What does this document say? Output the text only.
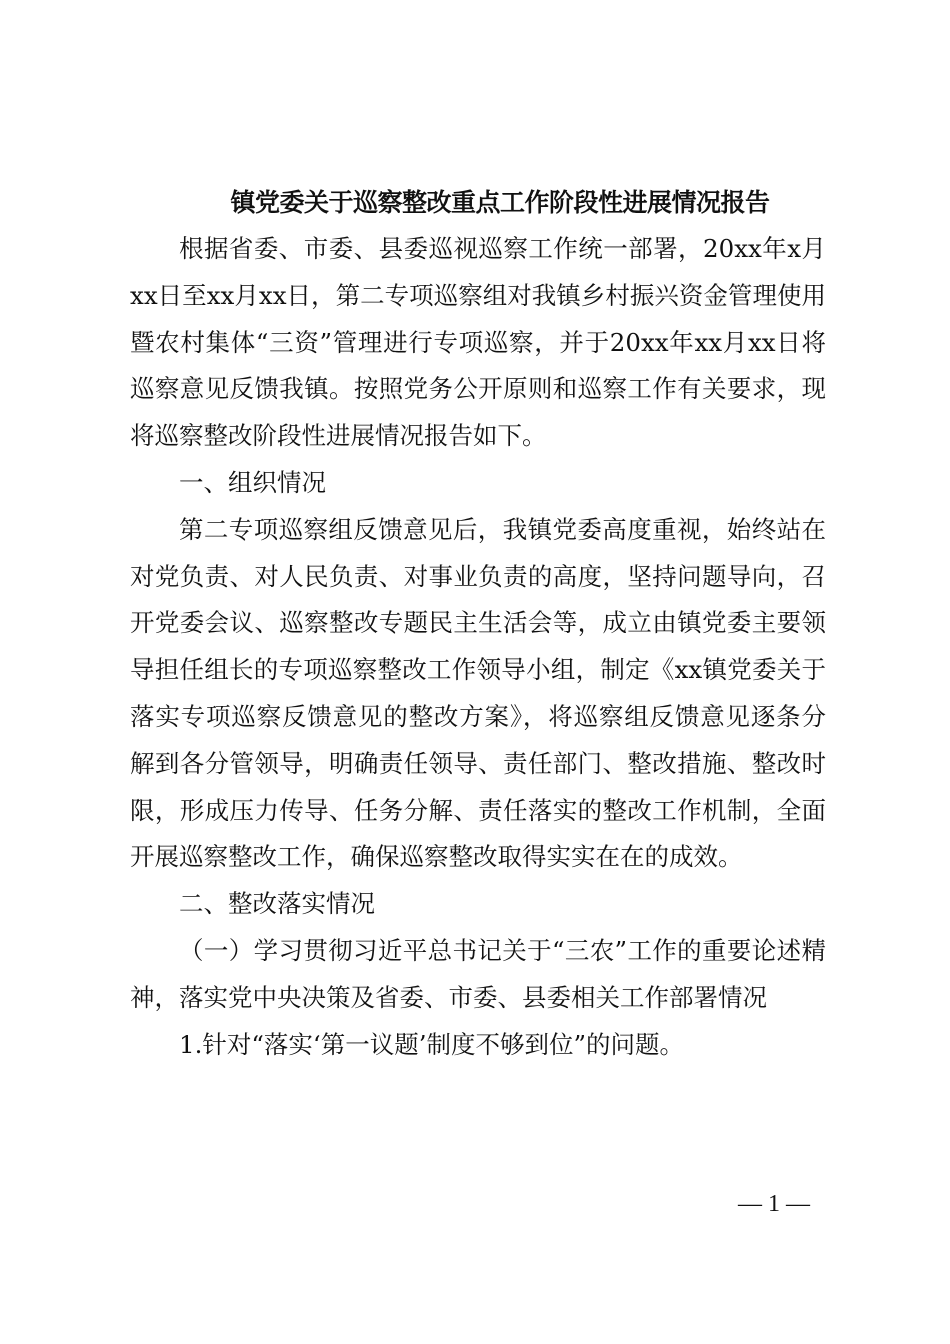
镇党委关于巡察整改重点工作阶段性进展情况报告

根据省委、市委、县委巡视巡察工作统一部署，20xx年x月xx日至xx月xx日，第二专项巡察组对我镇乡村振兴资金管理使用暨农村集体“三资”管理进行专项巡察，并于20xx年xx月xx日将巡察意见反馈我镇。按照党务公开原则和巡察工作有关要求，现将巡察整改阶段性进展情况报告如下。

一、组织情况

第二专项巡察组反馈意见后，我镇党委高度重视，始终站在对党负责、对人民负责、对事业负责的高度，坚持问题导向，召开党委会议、巡察整改专题民主生活会等，成立由镇党委主要领导担任组长的专项巡察整改工作领导小组，制定《xx镇党委关于落实专项巡察反馈意见的整改方案》，将巡察组反馈意见逐条分解到各分管领导，明确责任领导、责任部门、整改措施、整改时限，形成压力传导、任务分解、责任落实的整改工作机制，全面开展巡察整改工作，确保巡察整改取得实实在在的成效。

二、整改落实情况

（一）学习贯彻习近平总书记关于“三农”工作的重要论述精神，落实党中央决策及省委、市委、县委相关工作部署情况

1.针对“落实‘第一议题’制度不够到位”的问题。

— 1 —
